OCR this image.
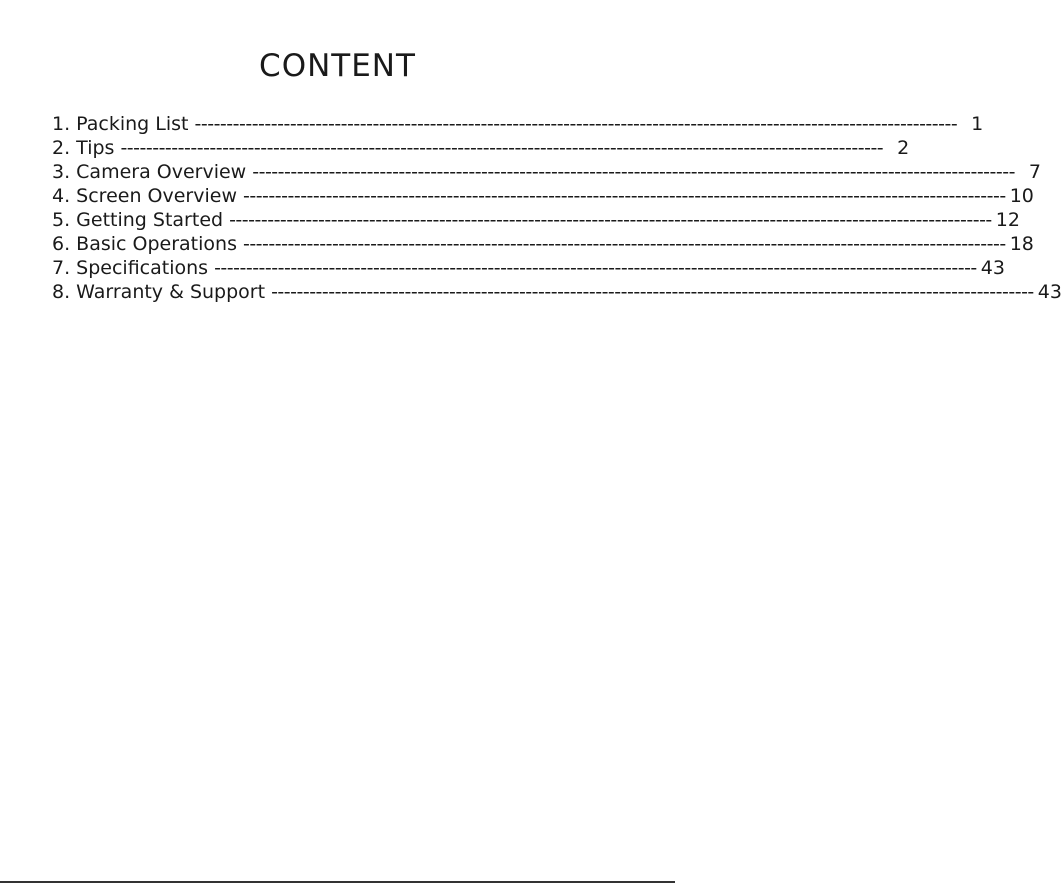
CONTENT
1. Packing List ------------------------------------------------------------------------------------------------------------------------ 1
2. Tips ------------------------------------------------------------------------------------------------------------------------ 2
3. Camera Overview ------------------------------------------------------------------------------------------------------------------------ 7
4. Screen Overview ------------------------------------------------------------------------------------------------------------------------ 10
5. Getting Started ------------------------------------------------------------------------------------------------------------------------ 12
6. Basic Operations ------------------------------------------------------------------------------------------------------------------------ 18
7. Specifications ------------------------------------------------------------------------------------------------------------------------ 43
8. Warranty & Support ------------------------------------------------------------------------------------------------------------------------ 43
